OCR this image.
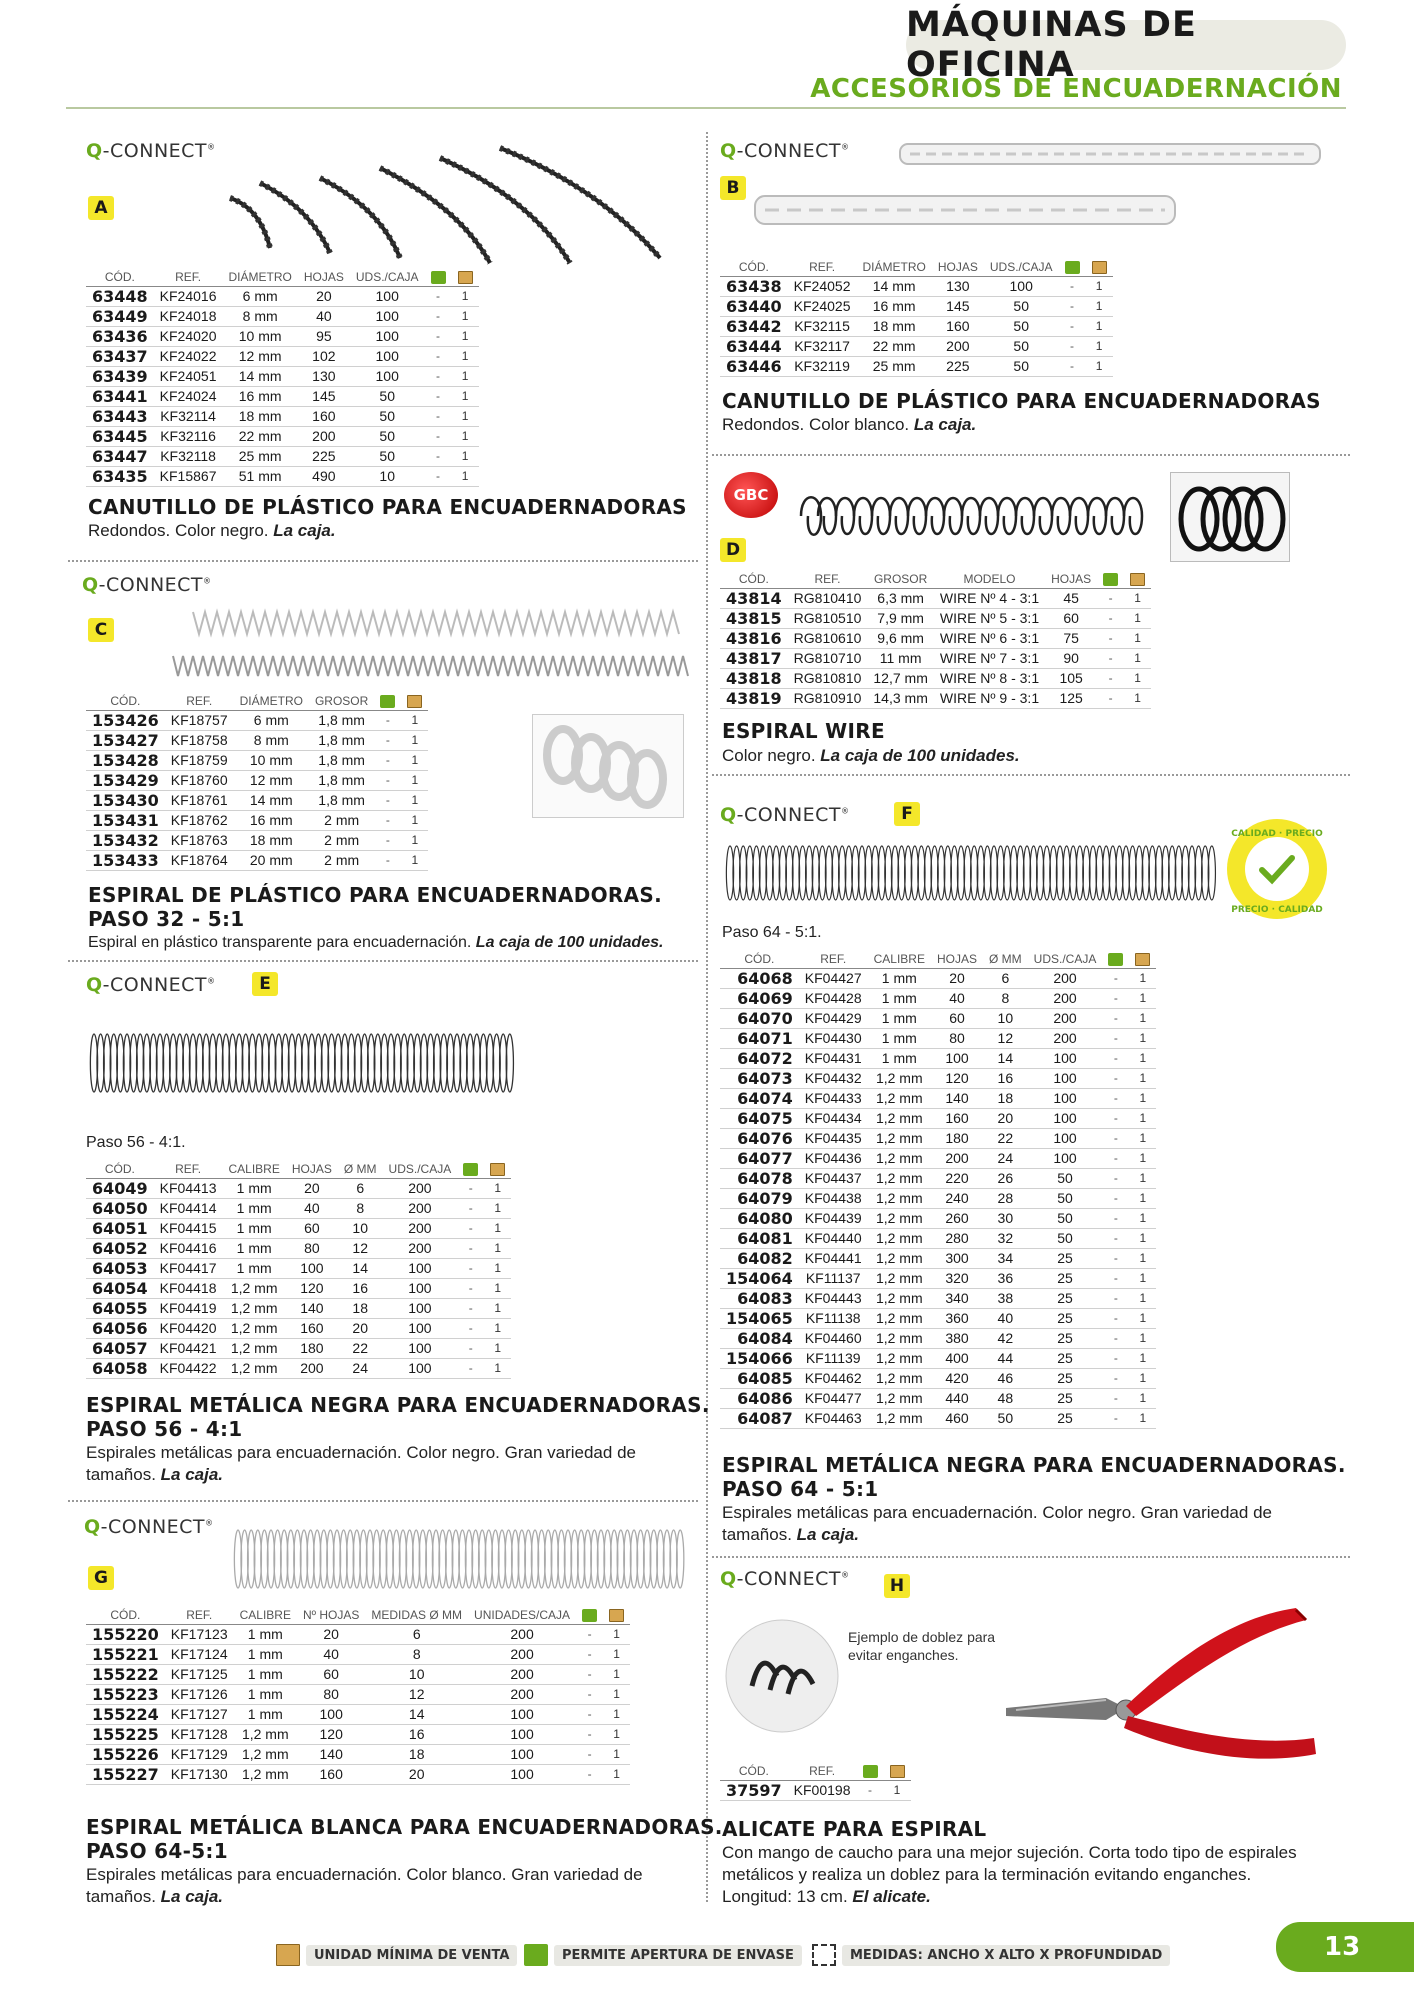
MÁQUINAS DE OFICINA
ACCESORIOS DE ENCUADERNACIÓN
Q-CONNECT®
A
CÓD.	REF.	DIÁMETRO	HOJAS	UDS./CAJA		
63448	KF24016	6 mm	20	100	-	1
63449	KF24018	8 mm	40	100	-	1
63436	KF24020	10 mm	95	100	-	1
63437	KF24022	12 mm	102	100	-	1
63439	KF24051	14 mm	130	100	-	1
63441	KF24024	16 mm	145	50	-	1
63443	KF32114	18 mm	160	50	-	1
63445	KF32116	22 mm	200	50	-	1
63447	KF32118	25 mm	225	50	-	1
63435	KF15867	51 mm	490	10	-	1
CANUTILLO DE PLÁSTICO PARA ENCUADERNADORAS
Redondos. Color negro. La caja.
Q-CONNECT®
B
CÓD.	REF.	DIÁMETRO	HOJAS	UDS./CAJA		
63438	KF24052	14 mm	130	100	-	1
63440	KF24025	16 mm	145	50	-	1
63442	KF32115	18 mm	160	50	-	1
63444	KF32117	22 mm	200	50	-	1
63446	KF32119	25 mm	225	50	-	1
CANUTILLO DE PLÁSTICO PARA ENCUADERNADORAS
Redondos. Color blanco. La caja.
Q-CONNECT®
C
CÓD.	REF.	DIÁMETRO	GROSOR		
153426	KF18757	6 mm	1,8 mm	-	1
153427	KF18758	8 mm	1,8 mm	-	1
153428	KF18759	10 mm	1,8 mm	-	1
153429	KF18760	12 mm	1,8 mm	-	1
153430	KF18761	14 mm	1,8 mm	-	1
153431	KF18762	16 mm	2 mm	-	1
153432	KF18763	18 mm	2 mm	-	1
153433	KF18764	20 mm	2 mm	-	1
ESPIRAL DE PLÁSTICO PARA ENCUADERNADORAS.
PASO 32 - 5:1
Espiral en plástico transparente para encuadernación. La caja de 100 unidades.
GBC
D
CÓD.	REF.	GROSOR	MODELO	HOJAS		
43814	RG810410	6,3 mm	WIRE Nº 4 - 3:1	45	-	1
43815	RG810510	7,9 mm	WIRE Nº 5 - 3:1	60	-	1
43816	RG810610	9,6 mm	WIRE Nº 6 - 3:1	75	-	1
43817	RG810710	11 mm	WIRE Nº 7 - 3:1	90	-	1
43818	RG810810	12,7 mm	WIRE Nº 8 - 3:1	105	-	1
43819	RG810910	14,3 mm	WIRE Nº 9 - 3:1	125	-	1
ESPIRAL WIRE
Color negro. La caja de 100 unidades.
Q-CONNECT®	E
Paso 56 - 4:1.
CÓD.	REF.	CALIBRE	HOJAS	Ø MM	UDS./CAJA		
64049	KF04413	1 mm	20	6	200	-	1
64050	KF04414	1 mm	40	8	200	-	1
64051	KF04415	1 mm	60	10	200	-	1
64052	KF04416	1 mm	80	12	200	-	1
64053	KF04417	1 mm	100	14	100	-	1
64054	KF04418	1,2 mm	120	16	100	-	1
64055	KF04419	1,2 mm	140	18	100	-	1
64056	KF04420	1,2 mm	160	20	100	-	1
64057	KF04421	1,2 mm	180	22	100	-	1
64058	KF04422	1,2 mm	200	24	100	-	1
ESPIRAL METÁLICA NEGRA PARA ENCUADERNADORAS.
PASO 56 - 4:1
Espirales metálicas para encuadernación. Color negro. Gran variedad de tamaños. La caja.
Q-CONNECT®	F
CALIDAD · PRECIO
PRECIO · CALIDAD
Paso 64 - 5:1.
CÓD.	REF.	CALIBRE	HOJAS	Ø MM	UDS./CAJA		
64068	KF04427	1 mm	20	6	200	-	1
64069	KF04428	1 mm	40	8	200	-	1
64070	KF04429	1 mm	60	10	200	-	1
64071	KF04430	1 mm	80	12	200	-	1
64072	KF04431	1 mm	100	14	100	-	1
64073	KF04432	1,2 mm	120	16	100	-	1
64074	KF04433	1,2 mm	140	18	100	-	1
64075	KF04434	1,2 mm	160	20	100	-	1
64076	KF04435	1,2 mm	180	22	100	-	1
64077	KF04436	1,2 mm	200	24	100	-	1
64078	KF04437	1,2 mm	220	26	50	-	1
64079	KF04438	1,2 mm	240	28	50	-	1
64080	KF04439	1,2 mm	260	30	50	-	1
64081	KF04440	1,2 mm	280	32	50	-	1
64082	KF04441	1,2 mm	300	34	25	-	1
154064	KF11137	1,2 mm	320	36	25	-	1
64083	KF04443	1,2 mm	340	38	25	-	1
154065	KF11138	1,2 mm	360	40	25	-	1
64084	KF04460	1,2 mm	380	42	25	-	1
154066	KF11139	1,2 mm	400	44	25	-	1
64085	KF04462	1,2 mm	420	46	25	-	1
64086	KF04477	1,2 mm	440	48	25	-	1
64087	KF04463	1,2 mm	460	50	25	-	1
ESPIRAL METÁLICA NEGRA PARA ENCUADERNADORAS.
PASO 64 - 5:1
Espirales metálicas para encuadernación. Color negro. Gran variedad de tamaños. La caja.
Q-CONNECT®
G
CÓD.	REF.	CALIBRE	Nº HOJAS	MEDIDAS Ø MM	UNIDADES/CAJA		
155220	KF17123	1 mm	20	6	200	-	1
155221	KF17124	1 mm	40	8	200	-	1
155222	KF17125	1 mm	60	10	200	-	1
155223	KF17126	1 mm	80	12	200	-	1
155224	KF17127	1 mm	100	14	100	-	1
155225	KF17128	1,2 mm	120	16	100	-	1
155226	KF17129	1,2 mm	140	18	100	-	1
155227	KF17130	1,2 mm	160	20	100	-	1
ESPIRAL METÁLICA BLANCA PARA ENCUADERNADORAS.
PASO 64-5:1
Espirales metálicas para encuadernación. Color blanco. Gran variedad de tamaños. La caja.
Q-CONNECT®
H
Ejemplo de doblez para evitar enganches.
CÓD.	REF.		
37597	KF00198	-	1
ALICATE PARA ESPIRAL
Con mango de caucho para una mejor sujeción. Corta todo tipo de espirales metálicos y realiza un doblez para la terminación evitando enganches. Longitud: 13 cm. El alicate.
UNIDAD MÍNIMA DE VENTA	PERMITE APERTURA DE ENVASE	MEDIDAS: ANCHO X ALTO X PROFUNDIDAD	13
